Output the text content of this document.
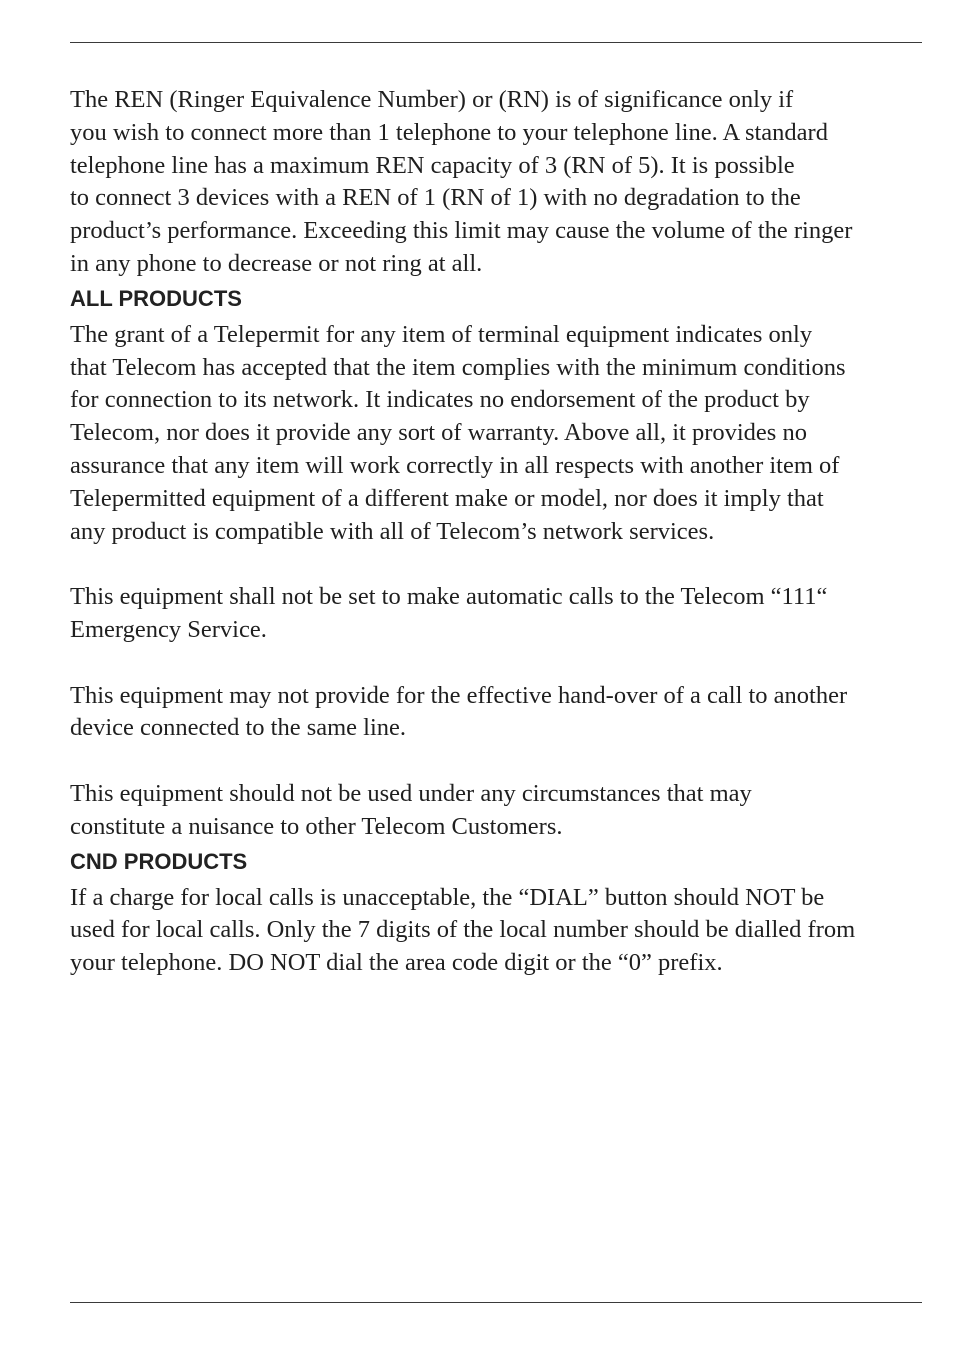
The REN (Ringer Equivalence Number) or (RN) is of significance only if
you wish to connect more than 1 telephone to your telephone line. A standard
telephone line has a maximum REN capacity of 3 (RN of 5). It is possible
to connect 3 devices with a REN of 1 (RN of 1) with no degradation to the
product’s performance. Exceeding this limit may cause the volume of the ringer
in any phone to decrease or not ring at all.

ALL PRODUCTS

The grant of a Telepermit for any item of terminal equipment indicates only
that Telecom has accepted that the item complies with the minimum conditions
for connection to its network. It indicates no endorsement of the product by
Telecom, nor does it provide any sort of warranty. Above all, it provides no
assurance that any item will work correctly in all respects with another item of
Telepermitted equipment of a different make or model, nor does it imply that
any product is compatible with all of Telecom’s network services.

This equipment shall not be set to make automatic calls to the Telecom “111“
Emergency Service.

This equipment may not provide for the effective hand-over of a call to another
device connected to the same line.

This equipment should not be used under any circumstances that may
constitute a nuisance to other Telecom Customers.

CND PRODUCTS

If a charge for local calls is unacceptable, the “DIAL” button should NOT be
used for local calls. Only the 7 digits of the local number should be dialled from
your telephone. DO NOT dial the area code digit or the “0” prefix.
